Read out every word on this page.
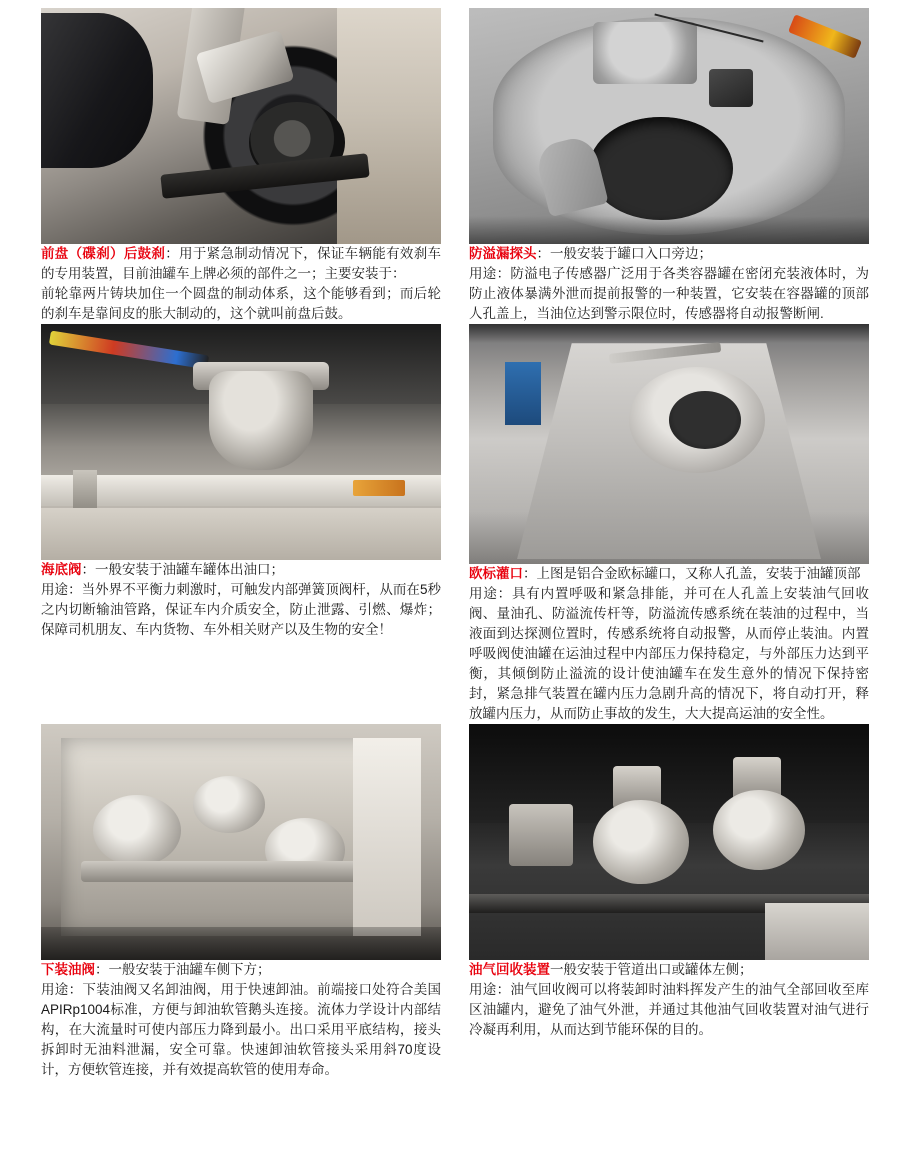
前盘（碟刹）后鼓刹：用于紧急制动情况下，保证车辆能有效刹车的专用装置，目前油罐车上牌必须的部件之一；主要安装于：

前轮靠两片铸块加住一个圆盘的制动体系，这个能够看到；而后轮的刹车是靠间皮的胀大制动的，这个就叫前盘后鼓。

防溢漏探头：一般安装于罐口入口旁边；

用途：防溢电子传感器广泛用于各类容器罐在密闭充装液体时，为防止液体暴满外泄而提前报警的一种装置，它安装在容器罐的顶部人孔盖上，当油位达到警示限位时，传感器将自动报警断闸.

海底阀：一般安装于油罐车罐体出油口；

用途：当外界不平衡力刺激时，可触发内部弹簧顶阀杆，从而在5秒之内切断输油管路，保证车内介质安全，防止泄露、引燃、爆炸；保障司机朋友、车内货物、车外相关财产以及生物的安全！

欧标灌口：上图是铝合金欧标罐口，又称人孔盖，安装于油罐顶部

用途：具有内置呼吸和紧急排能，并可在人孔盖上安装油气回收阀、量油孔、防溢流传杆等，防溢流传感系统在装油的过程中，当液面到达探测位置时，传感系统将自动报警，从而停止装油。内置呼吸阀使油罐在运油过程中内部压力保持稳定，与外部压力达到平衡，其倾倒防止溢流的设计使油罐车在发生意外的情况下保持密封，紧急排气装置在罐内压力急剧升高的情况下，将自动打开，释放罐内压力，从而防止事故的发生，大大提高运油的安全性。

下装油阀：一般安装于油罐车侧下方；

用途：下装油阀又名卸油阀，用于快速卸油。前端接口处符合美国APIRp1004标准，方便与卸油软管鹅头连接。流体力学设计内部结构，在大流量时可使内部压力降到最小。出口采用平底结构，接头拆卸时无油料泄漏，安全可靠。快速卸油软管接头采用斜70度设计，方便软管连接，并有效提高软管的使用寿命。

油气回收装置一般安装于管道出口或罐体左侧；

用途：油气回收阀可以将装卸时油料挥发产生的油气全部回收至库区油罐内，避免了油气外泄，并通过其他油气回收装置对油气进行冷凝再利用，从而达到节能环保的目的。
